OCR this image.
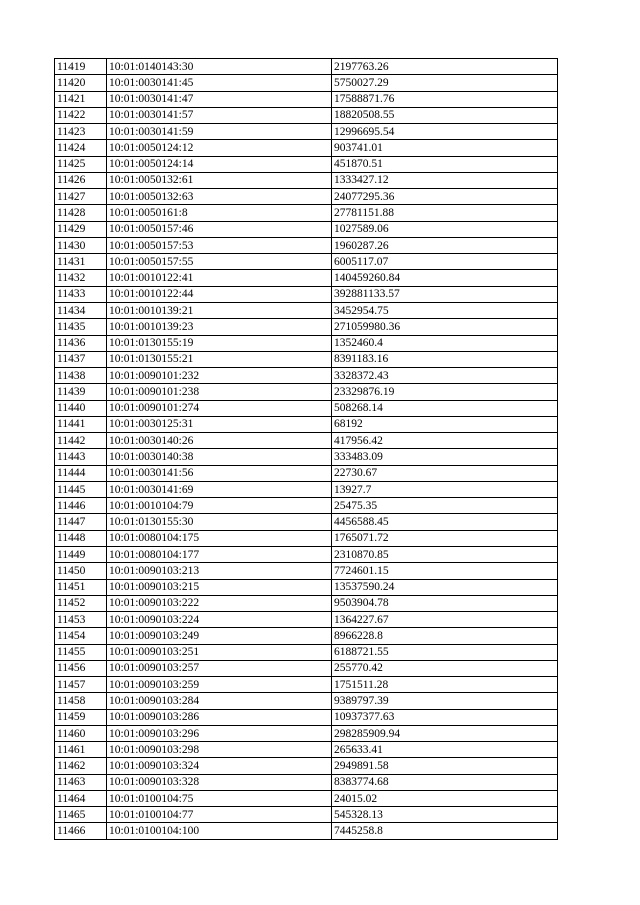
11419	10:01:0140143:30	2197763.26
11420	10:01:0030141:45	5750027.29
11421	10:01:0030141:47	17588871.76
11422	10:01:0030141:57	18820508.55
11423	10:01:0030141:59	12996695.54
11424	10:01:0050124:12	903741.01
11425	10:01:0050124:14	451870.51
11426	10:01:0050132:61	1333427.12
11427	10:01:0050132:63	24077295.36
11428	10:01:0050161:8	27781151.88
11429	10:01:0050157:46	1027589.06
11430	10:01:0050157:53	1960287.26
11431	10:01:0050157:55	6005117.07
11432	10:01:0010122:41	140459260.84
11433	10:01:0010122:44	392881133.57
11434	10:01:0010139:21	3452954.75
11435	10:01:0010139:23	271059980.36
11436	10:01:0130155:19	1352460.4
11437	10:01:0130155:21	8391183.16
11438	10:01:0090101:232	3328372.43
11439	10:01:0090101:238	23329876.19
11440	10:01:0090101:274	508268.14
11441	10:01:0030125:31	68192
11442	10:01:0030140:26	417956.42
11443	10:01:0030140:38	333483.09
11444	10:01:0030141:56	22730.67
11445	10:01:0030141:69	13927.7
11446	10:01:0010104:79	25475.35
11447	10:01:0130155:30	4456588.45
11448	10:01:0080104:175	1765071.72
11449	10:01:0080104:177	2310870.85
11450	10:01:0090103:213	7724601.15
11451	10:01:0090103:215	13537590.24
11452	10:01:0090103:222	9503904.78
11453	10:01:0090103:224	1364227.67
11454	10:01:0090103:249	8966228.8
11455	10:01:0090103:251	6188721.55
11456	10:01:0090103:257	255770.42
11457	10:01:0090103:259	1751511.28
11458	10:01:0090103:284	9389797.39
11459	10:01:0090103:286	10937377.63
11460	10:01:0090103:296	298285909.94
11461	10:01:0090103:298	265633.41
11462	10:01:0090103:324	2949891.58
11463	10:01:0090103:328	8383774.68
11464	10:01:0100104:75	24015.02
11465	10:01:0100104:77	545328.13
11466	10:01:0100104:100	7445258.8
